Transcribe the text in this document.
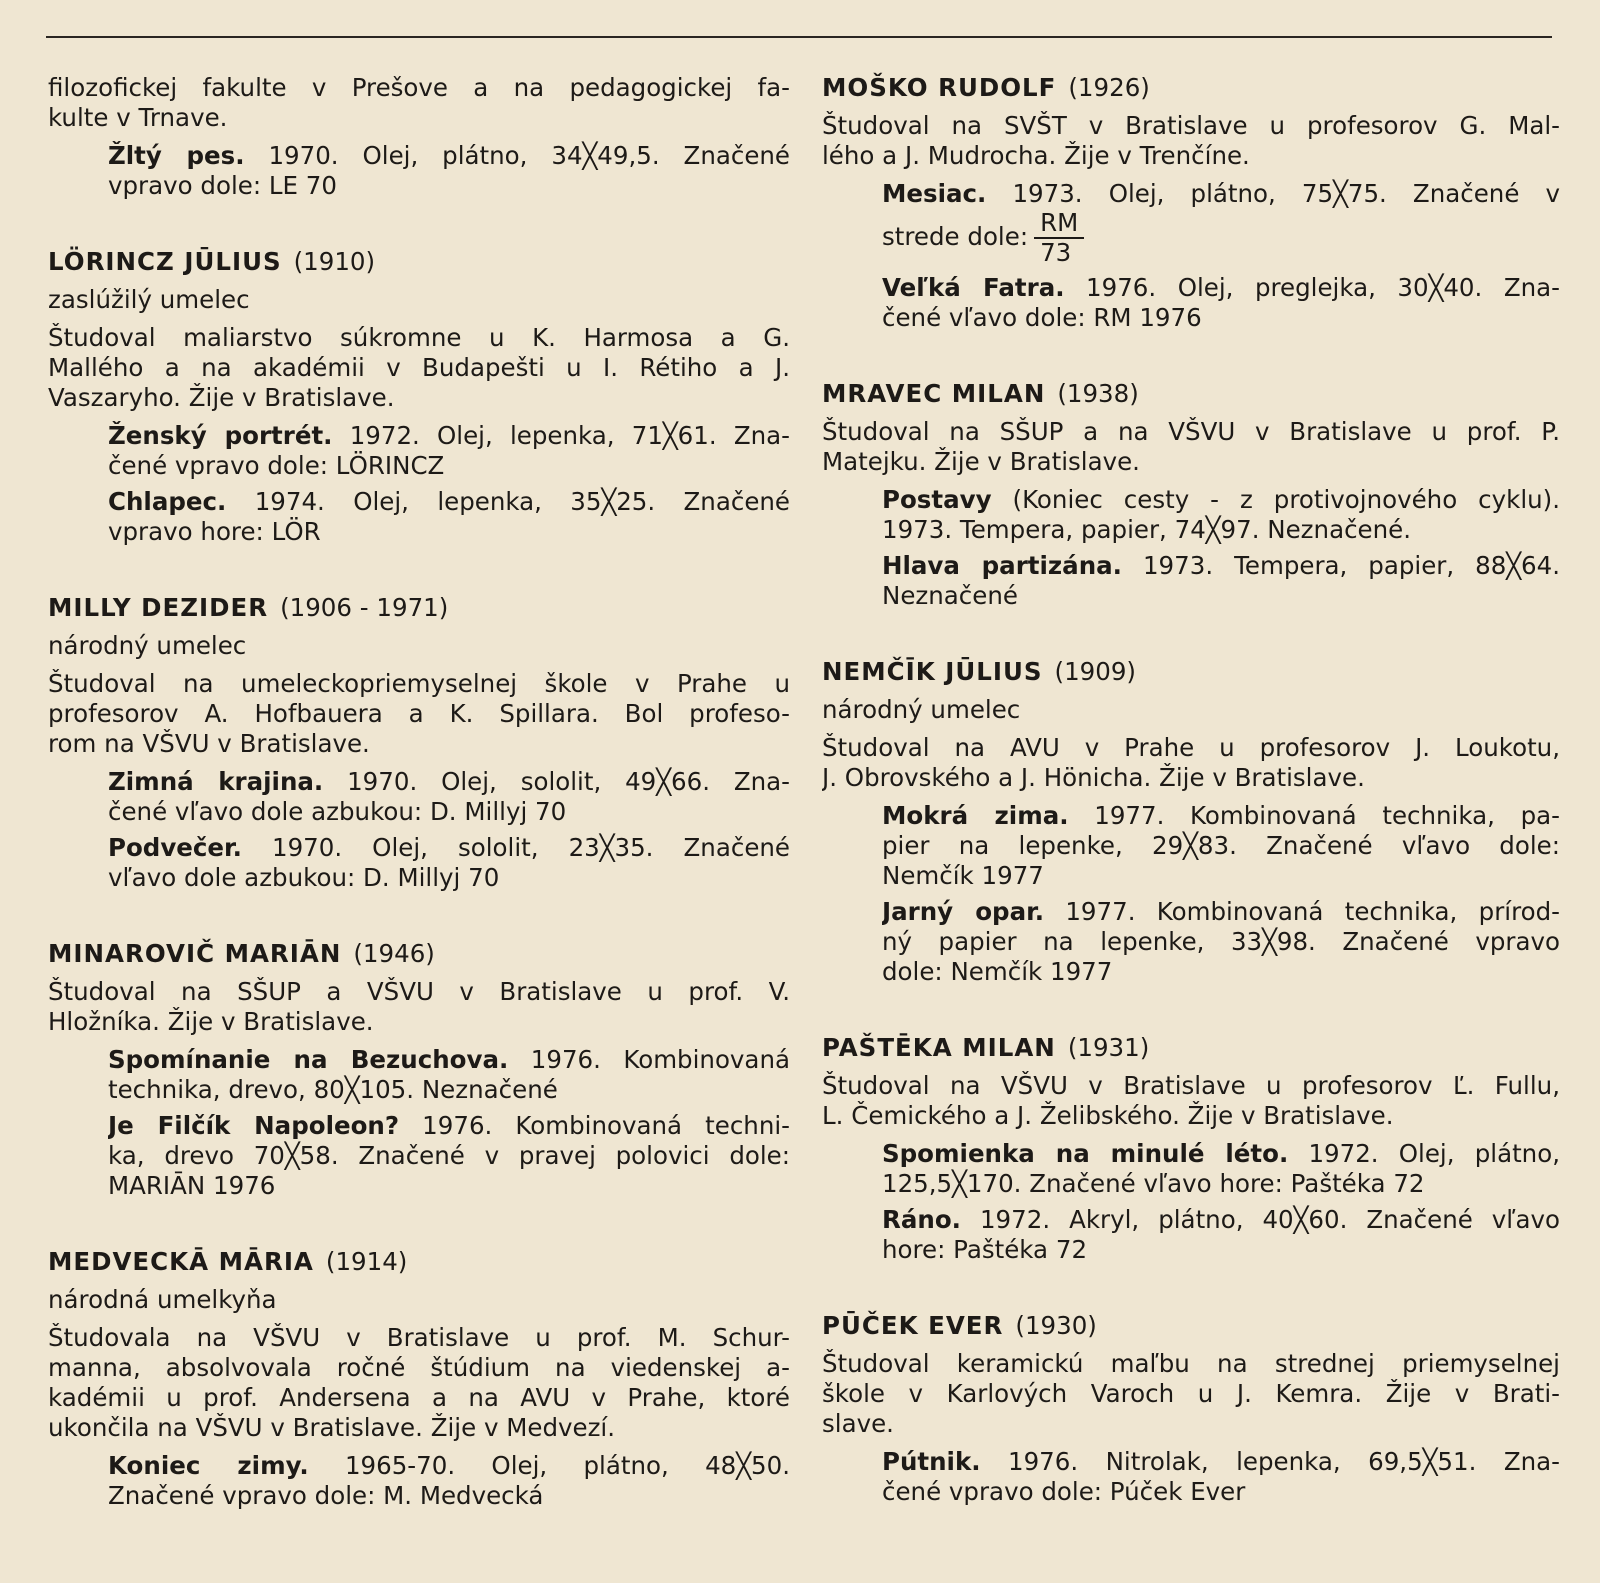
filozofickej fakulte v Prešove a na pedagogickej fa-
kulte v Trnave.
Žltý pes. 1970. Olej, plátno, 34╳49,5. Značené
vpravo dole: LE 70
LÖRINCZ JŪLIUS (1910)
zaslúžilý umelec
Študoval maliarstvo súkromne u K. Harmosa a G.
Mallého a na akadémii v Budapešti u I. Rétiho a J.
Vaszaryho. Žije v Bratislave.
Ženský portrét. 1972. Olej, lepenka, 71╳61. Zna-
čené vpravo dole: LÖRINCZ
Chlapec. 1974. Olej, lepenka, 35╳25. Značené
vpravo hore: LÖR
MILLY DEZIDER (1906 - 1971)
národný umelec
Študoval na umeleckopriemyselnej škole v Prahe u
profesorov A. Hofbauera a K. Spillara. Bol profeso-
rom na VŠVU v Bratislave.
Zimná krajina. 1970. Olej, sololit, 49╳66. Zna-
čené vľavo dole azbukou: D. Millyj 70
Podvečer. 1970. Olej, sololit, 23╳35. Značené
vľavo dole azbukou: D. Millyj 70
MINAROVIČ MARIĀN (1946)
Študoval na SŠUP a VŠVU v Bratislave u prof. V.
Hložníka. Žije v Bratislave.
Spomínanie na Bezuchova. 1976. Kombinovaná
technika, drevo, 80╳105. Neznačené
Je Filčík Napoleon? 1976. Kombinovaná techni-
ka, drevo 70╳58. Značené v pravej polovici dole:
MARIĀN 1976
MEDVECKĀ MĀRIA (1914)
národná umelkyňa
Študovala na VŠVU v Bratislave u prof. M. Schur-
manna, absolvovala ročné štúdium na viedenskej a-
kadémii u prof. Andersena a na AVU v Prahe, ktoré
ukončila na VŠVU v Bratislave. Žije v Medvezí.
Koniec zimy. 1965-70. Olej, plátno, 48╳50.
Značené vpravo dole: M. Medvecká
MOŠKO RUDOLF (1926)
Študoval na SVŠT v Bratislave u profesorov G. Mal-
lého a J. Mudrocha. Žije v Trenčíne.
Mesiac. 1973. Olej, plátno, 75╳75. Značené v
strede dole: $\frac{RM}{73}$
Veľká Fatra. 1976. Olej, preglejka, 30╳40. Zna-
čené vľavo dole: RM 1976
MRAVEC MILAN (1938)
Študoval na SŠUP a na VŠVU v Bratislave u prof. P.
Matejku. Žije v Bratislave.
Postavy (Koniec cesty - z protivojnového cyklu).
1973. Tempera, papier, 74╳97. Neznačené.
Hlava partizána. 1973. Tempera, papier, 88╳64.
Neznačené
NEMČĪK JŪLIUS (1909)
národný umelec
Študoval na AVU v Prahe u profesorov J. Loukotu,
J. Obrovského a J. Hönicha. Žije v Bratislave.
Mokrá zima. 1977. Kombinovaná technika, pa-
pier na lepenke, 29╳83. Značené vľavo dole:
Nemčík 1977
Jarný opar. 1977. Kombinovaná technika, prírod-
ný papier na lepenke, 33╳98. Značené vpravo
dole: Nemčík 1977
PAŠTĒKA MILAN (1931)
Študoval na VŠVU v Bratislave u profesorov Ľ. Fullu,
L. Čemického a J. Želibského. Žije v Bratislave.
Spomienka na minulé léto. 1972. Olej, plátno,
125,5╳170. Značené vľavo hore: Paštéka 72
Ráno. 1972. Akryl, plátno, 40╳60. Značené vľavo
hore: Paštéka 72
PŪČEK EVER (1930)
Študoval keramickú maľbu na strednej priemyselnej
škole v Karlových Varoch u J. Kemra. Žije v Brati-
slave.
Pútnik. 1976. Nitrolak, lepenka, 69,5╳51. Zna-
čené vpravo dole: Púček Ever
